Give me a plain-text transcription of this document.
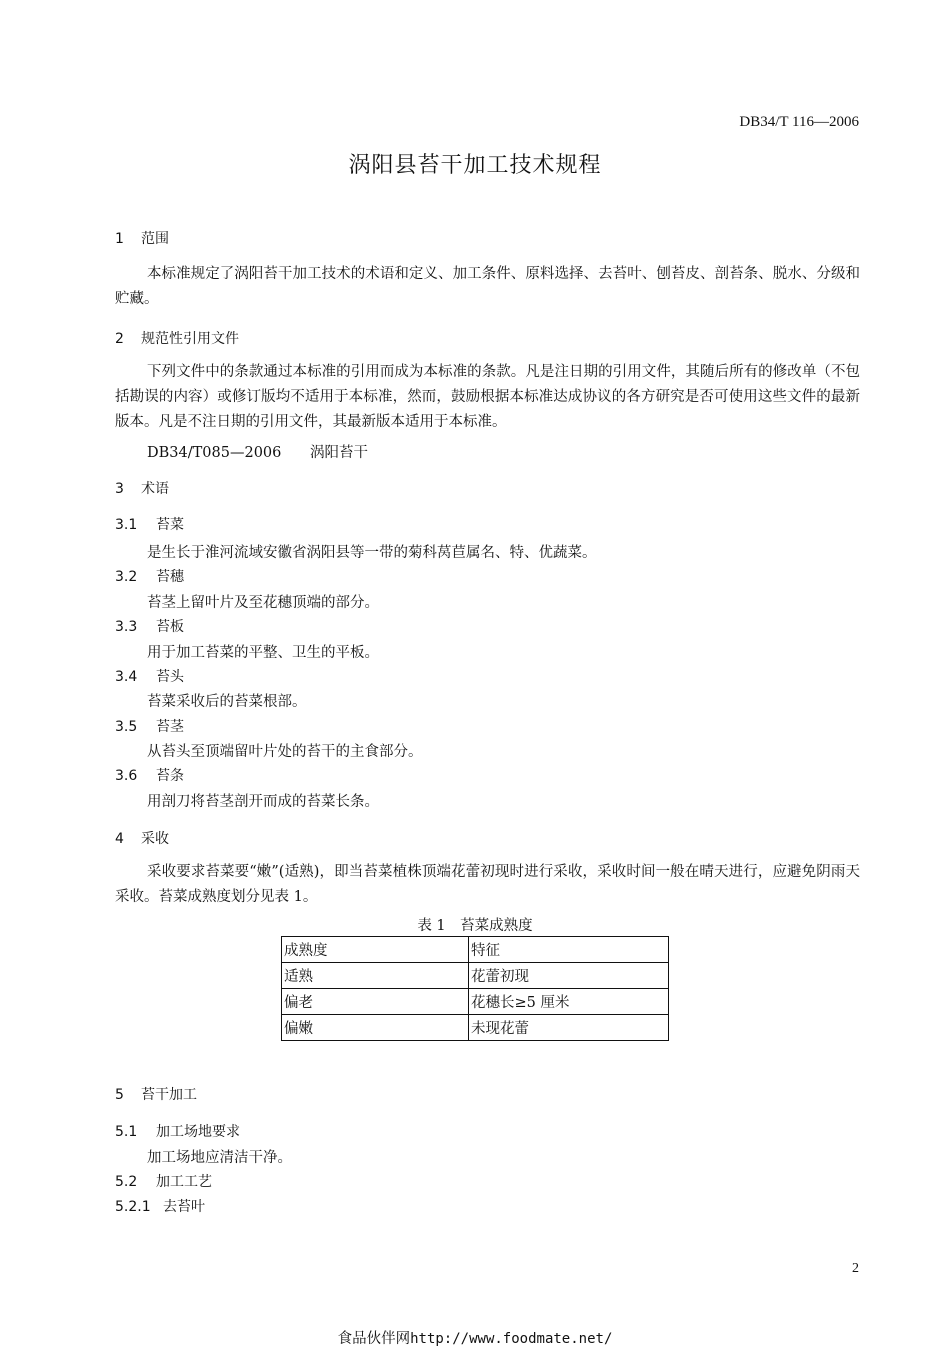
DB34/T 116—2006
涡阳县苔干加工技术规程
1 范围
本标准规定了涡阳苔干加工技术的术语和定义、加工条件、原料选择、去苔叶、刨苔皮、剖苔条、脱水、分级和贮藏。
2 规范性引用文件
下列文件中的条款通过本标准的引用而成为本标准的条款。凡是注日期的引用文件，其随后所有的修改单（不包括勘误的内容）或修订版均不适用于本标准，然而，鼓励根据本标准达成协议的各方研究是否可使用这些文件的最新版本。凡是不注日期的引用文件，其最新版本适用于本标准。
DB34/T085—2006 涡阳苔干
3 术语
3.1 苔菜
是生长于淮河流域安徽省涡阳县等一带的菊科莴苣属名、特、优蔬菜。
3.2 苔穗
苔茎上留叶片及至花穗顶端的部分。
3.3 苔板
用于加工苔菜的平整、卫生的平板。
3.4 苔头
苔菜采收后的苔菜根部。
3.5 苔茎
从苔头至顶端留叶片处的苔干的主食部分。
3.6 苔条
用剖刀将苔茎剖开而成的苔菜长条。
4 采收
采收要求苔菜要“嫩”(适熟)，即当苔菜植株顶端花蕾初现时进行采收，采收时间一般在晴天进行，应避免阴雨天采收。苔菜成熟度划分见表 1。
表 1　苔菜成熟度
成熟度	特征
适熟	花蕾初现
偏老	花穗长≥5 厘米
偏嫩	未现花蕾
5 苔干加工
5.1 加工场地要求
加工场地应清洁干净。
5.2 加工工艺
5.2.1 去苔叶
2
食品伙伴网http://www.foodmate.net/
